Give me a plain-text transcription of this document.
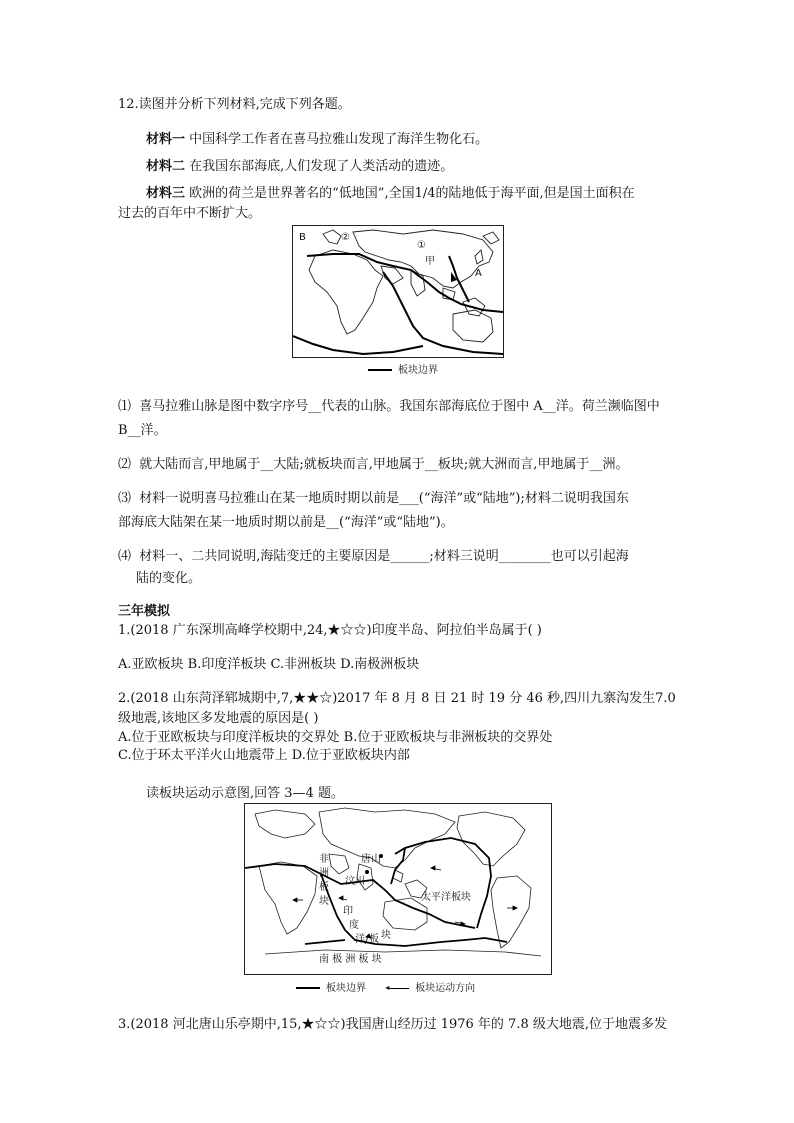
12.读图并分析下列材料,完成下列各题。
材料一 中国科学工作者在喜马拉雅山发现了海洋生物化石。
材料二 在我国东部海底,人们发现了人类活动的遗迹。
材料三 欧洲的荷兰是世界著名的“低地国”,全国1/4的陆地低于海平面,但是国土面积在
过去的百年中不断扩大。
B	②
①
甲
A
板块边界
⑴ 喜马拉雅山脉是图中数字序号__代表的山脉。我国东部海底位于图中 A__洋。荷兰濒临图中
B__洋。
⑵ 就大陆而言,甲地属于__大陆;就板块而言,甲地属于__板块;就大洲而言,甲地属于__洲。
⑶ 材料一说明喜马拉雅山在某一地质时期以前是___(“海洋”或“陆地”);材料二说明我国东
部海底大陆架在某一地质时期以前是__(“海洋”或“陆地”)。
⑷ 材料一、二共同说明,海陆变迁的主要原因是______;材料三说明________也可以引起海
陆的变化。
三年模拟
1.(2018 广东深圳高峰学校期中,24,★☆☆)印度半岛、阿拉伯半岛属于( )
A.亚欧板块 B.印度洋板块 C.非洲板块 D.南极洲板块
2.(2018 山东菏泽郓城期中,7,★★☆)2017 年 8 月 8 日 21 时 19 分 46 秒,四川九寨沟发生7.0
级地震,该地区多发地震的原因是( )
A.位于亚欧板块与印度洋板块的交界处 B.位于亚欧板块与非洲板块的交界处
C.位于环太平洋火山地震带上 D.位于亚欧板块内部
读板块运动示意图,回答 3—4 题。
唐山
汶川
非
洲
板
块
印
度
洋 板 块
太平洋板块
南 极 洲 板 块
板块边界 ◂	板块运动方向
3.(2018 河北唐山乐亭期中,15,★☆☆)我国唐山经历过 1976 年的 7.8 级大地震,位于地震多发
